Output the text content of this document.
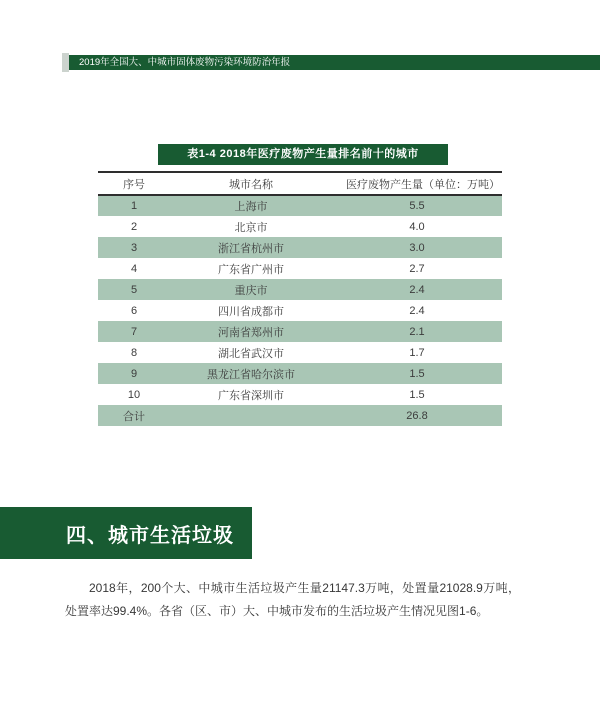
2019年全国大、中城市固体废物污染环境防治年报
表1-4 2018年医疗废物产生量排名前十的城市
序号	城市名称	医疗废物产生量（单位：万吨）
1	上海市	5.5
2	北京市	4.0
3	浙江省杭州市	3.0
4	广东省广州市	2.7
5	重庆市	2.4
6	四川省成都市	2.4
7	河南省郑州市	2.1
8	湖北省武汉市	1.7
9	黑龙江省哈尔滨市	1.5
10	广东省深圳市	1.5
合计		26.8
四、城市生活垃圾

2018年，200个大、中城市生活垃圾产生量21147.3万吨，处置量21028.9万吨，处置率达99.4%。各省（区、市）大、中城市发布的生活垃圾产生情况见图1-6。
